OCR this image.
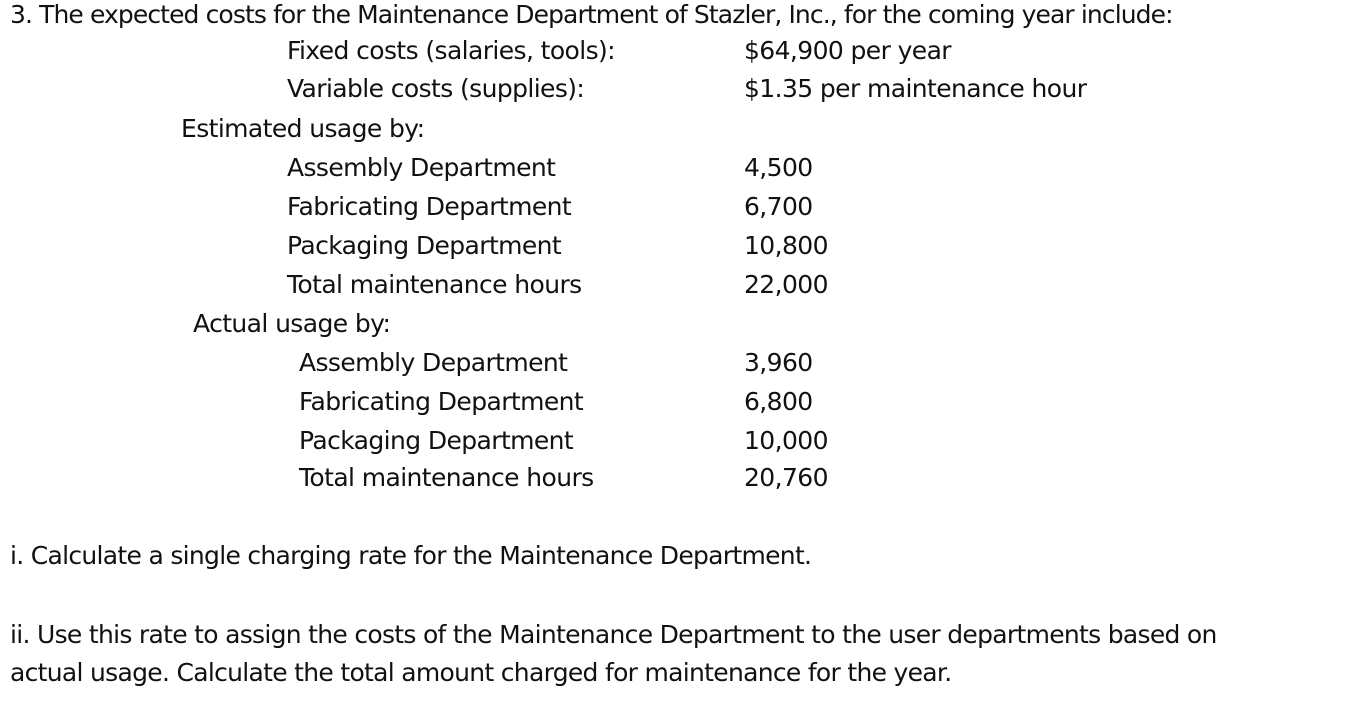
3. The expected costs for the Maintenance Department of Stazler, Inc., for the coming year include:
Fixed costs (salaries, tools):	$64,900 per year
Variable costs (supplies):	$1.35 per maintenance hour
Estimated usage by:
Assembly Department	4,500
Fabricating Department	6,700
Packaging Department	10,800
Total maintenance hours	22,000
Actual usage by:
Assembly Department	3,960
Fabricating Department	6,800
Packaging Department	10,000
Total maintenance hours	20,760
i. Calculate a single charging rate for the Maintenance Department.
ii. Use this rate to assign the costs of the Maintenance Department to the user departments based on
actual usage. Calculate the total amount charged for maintenance for the year.
